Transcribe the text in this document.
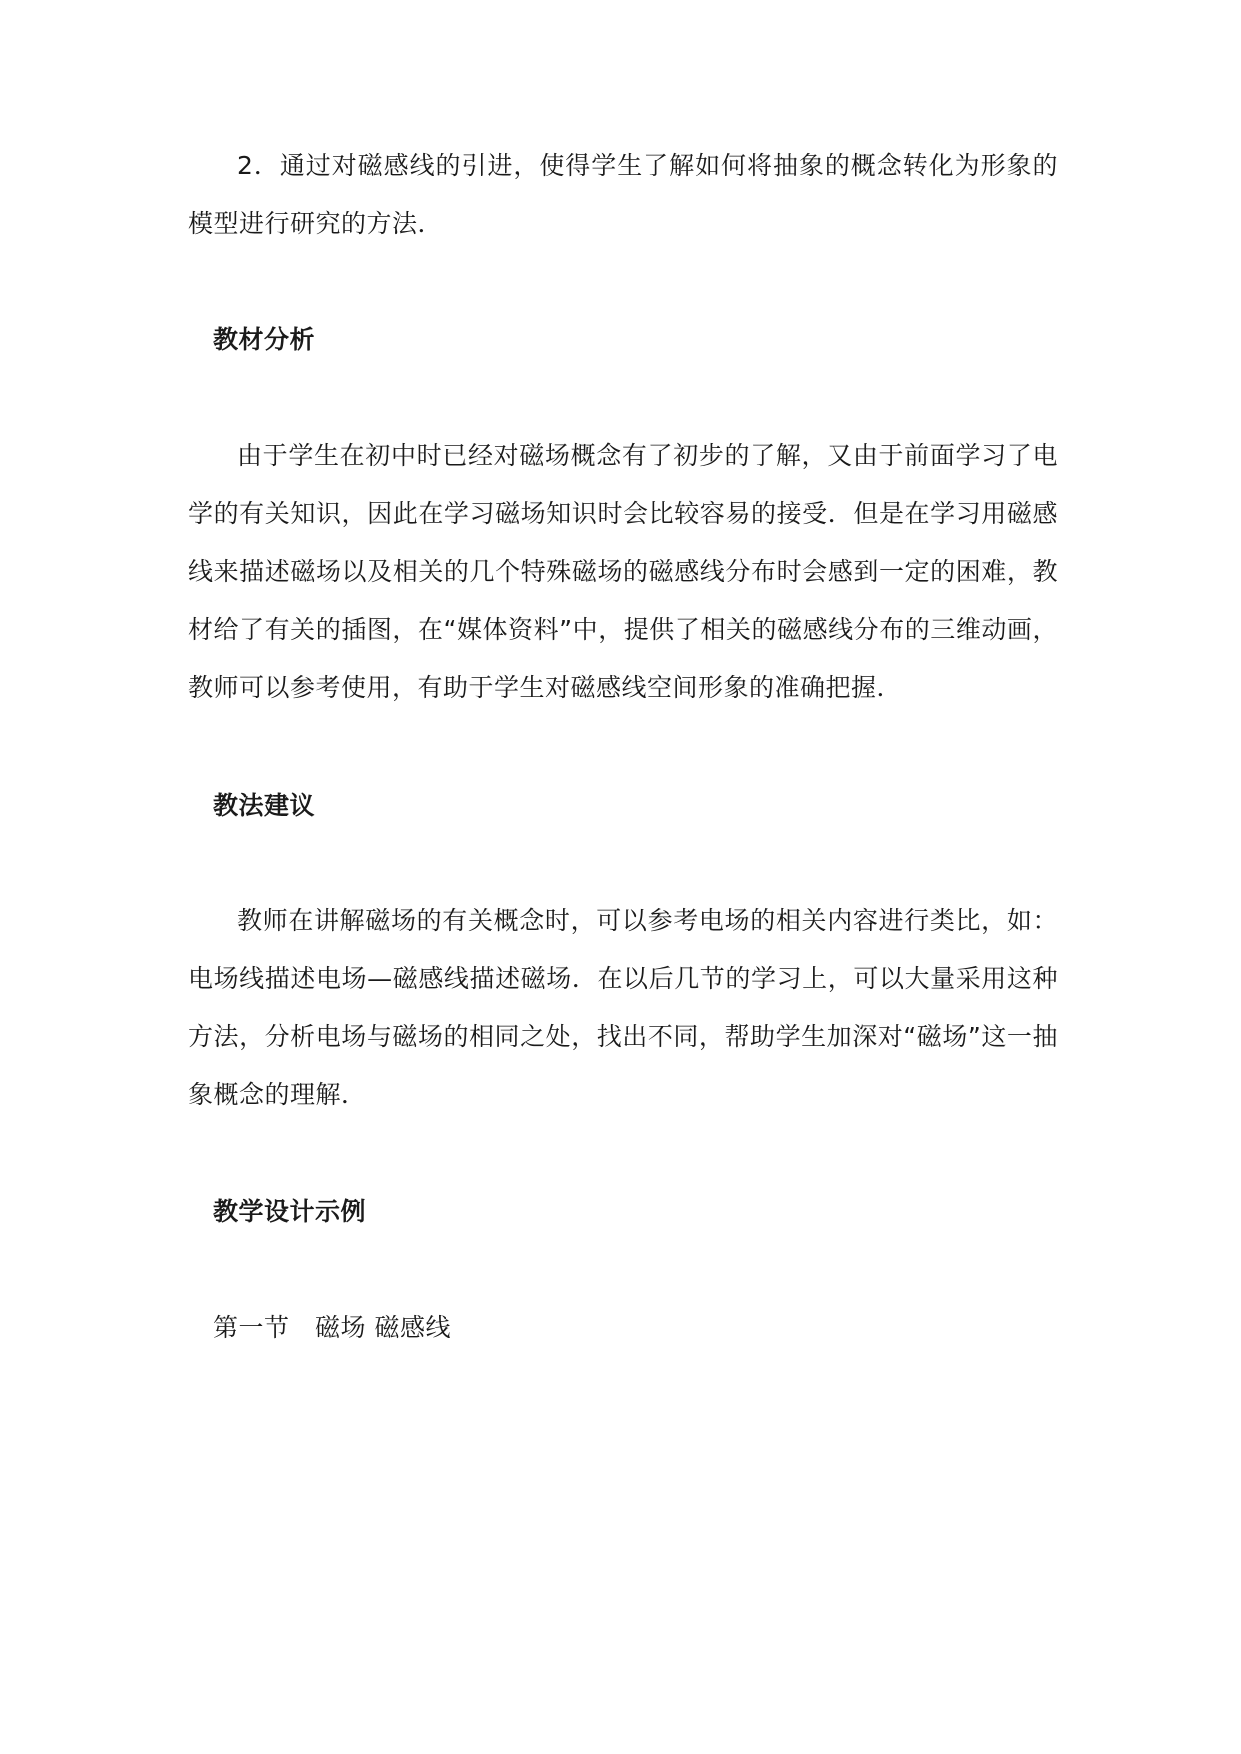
2．通过对磁感线的引进，使得学生了解如何将抽象的概念转化为形象的模型进行研究的方法．

教材分析

由于学生在初中时已经对磁场概念有了初步的了解，又由于前面学习了电学的有关知识，因此在学习磁场知识时会比较容易的接受．但是在学习用磁感线来描述磁场以及相关的几个特殊磁场的磁感线分布时会感到一定的困难，教材给了有关的插图，在“媒体资料”中，提供了相关的磁感线分布的三维动画，教师可以参考使用，有助于学生对磁感线空间形象的准确把握．

教法建议

教师在讲解磁场的有关概念时，可以参考电场的相关内容进行类比，如：电场线描述电场—磁感线描述磁场．在以后几节的学习上，可以大量采用这种方法，分析电场与磁场的相同之处，找出不同，帮助学生加深对“磁场”这一抽象概念的理解．

教学设计示例

第一节　磁场 磁感线
